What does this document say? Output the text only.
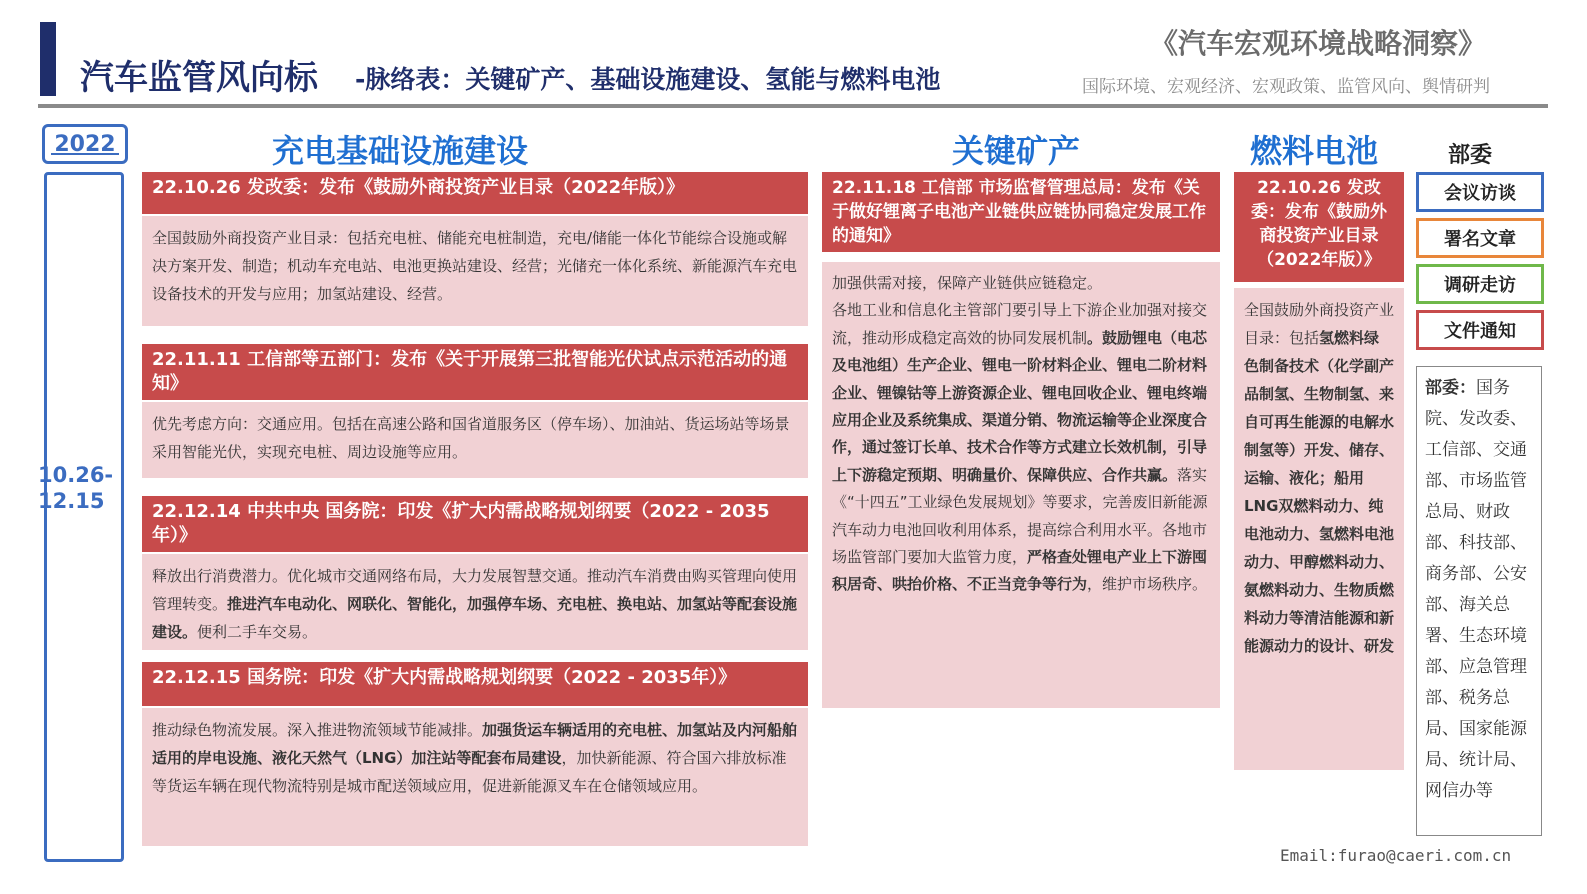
汽车监管风向标 -脉络表：关键矿产、基础设施建设、氢能与燃料电池
《汽车宏观环境战略洞察》
国际环境、宏观经济、宏观政策、监管风向、舆情研判
2022
10.26-
12.15
充电基础设施建设	关键矿产	燃料电池
22.10.26 发改委：发布《鼓励外商投资产业目录（2022年版）》
全国鼓励外商投资产业目录：包括充电桩、储能充电桩制造，充电/储能一体化节能综合设施或解决方案开发、制造；机动车充电站、电池更换站建设、经营；光储充一体化系统、新能源汽车充电设备技术的开发与应用；加氢站建设、经营。
22.11.11 工信部等五部门：发布《关于开展第三批智能光伏试点示范活动的通知》
优先考虑方向：交通应用。包括在高速公路和国省道服务区（停车场）、加油站、货运场站等场景采用智能光伏，实现充电桩、周边设施等应用。
22.12.14 中共中央 国务院：印发《扩大内需战略规划纲要（2022 - 2035年）》
释放出行消费潜力。优化城市交通网络布局，大力发展智慧交通。推动汽车消费由购买管理向使用管理转变。推进汽车电动化、网联化、智能化，加强停车场、充电桩、换电站、加氢站等配套设施建设。便利二手车交易。
22.12.15 国务院：印发《扩大内需战略规划纲要（2022 - 2035年）》
推动绿色物流发展。深入推进物流领域节能减排。加强货运车辆适用的充电桩、加氢站及内河船舶适用的岸电设施、液化天然气（LNG）加注站等配套布局建设，加快新能源、符合国六排放标准等货运车辆在现代物流特别是城市配送领域应用，促进新能源叉车在仓储领域应用。
22.11.18 工信部 市场监督管理总局：发布《关于做好锂离子电池产业链供应链协同稳定发展工作的通知》
加强供需对接，保障产业链供应链稳定。
各地工业和信息化主管部门要引导上下游企业加强对接交流，推动形成稳定高效的协同发展机制。鼓励锂电（电芯及电池组）生产企业、锂电一阶材料企业、锂电二阶材料企业、锂镍钴等上游资源企业、锂电回收企业、锂电终端应用企业及系统集成、渠道分销、物流运输等企业深度合作，通过签订长单、技术合作等方式建立长效机制，引导上下游稳定预期、明确量价、保障供应、合作共赢。落实《“十四五”工业绿色发展规划》等要求，完善废旧新能源汽车动力电池回收利用体系，提高综合利用水平。各地市场监管部门要加大监管力度，严格查处锂电产业上下游囤积居奇、哄抬价格、不正当竞争等行为，维护市场秩序。
22.10.26 发改委：发布《鼓励外商投资产业目录（2022年版）》
全国鼓励外商投资产业目录：包括氢燃料绿色制备技术（化学副产品制氢、生物制氢、来自可再生能源的电解水制氢等）开发、储存、运输、液化；船用LNG双燃料动力、纯电池动力、氢燃料电池动力、甲醇燃料动力、氨燃料动力、生物质燃料动力等清洁能源和新能源动力的设计、研发
部委
会议访谈
署名文章
调研走访
文件通知
部委：国务院、发改委、工信部、交通部、市场监管总局、财政部、科技部、商务部、公安部、海关总署、生态环境部、应急管理部、税务总局、国家能源局、统计局、网信办等
Email:furao@caeri.com.cn
